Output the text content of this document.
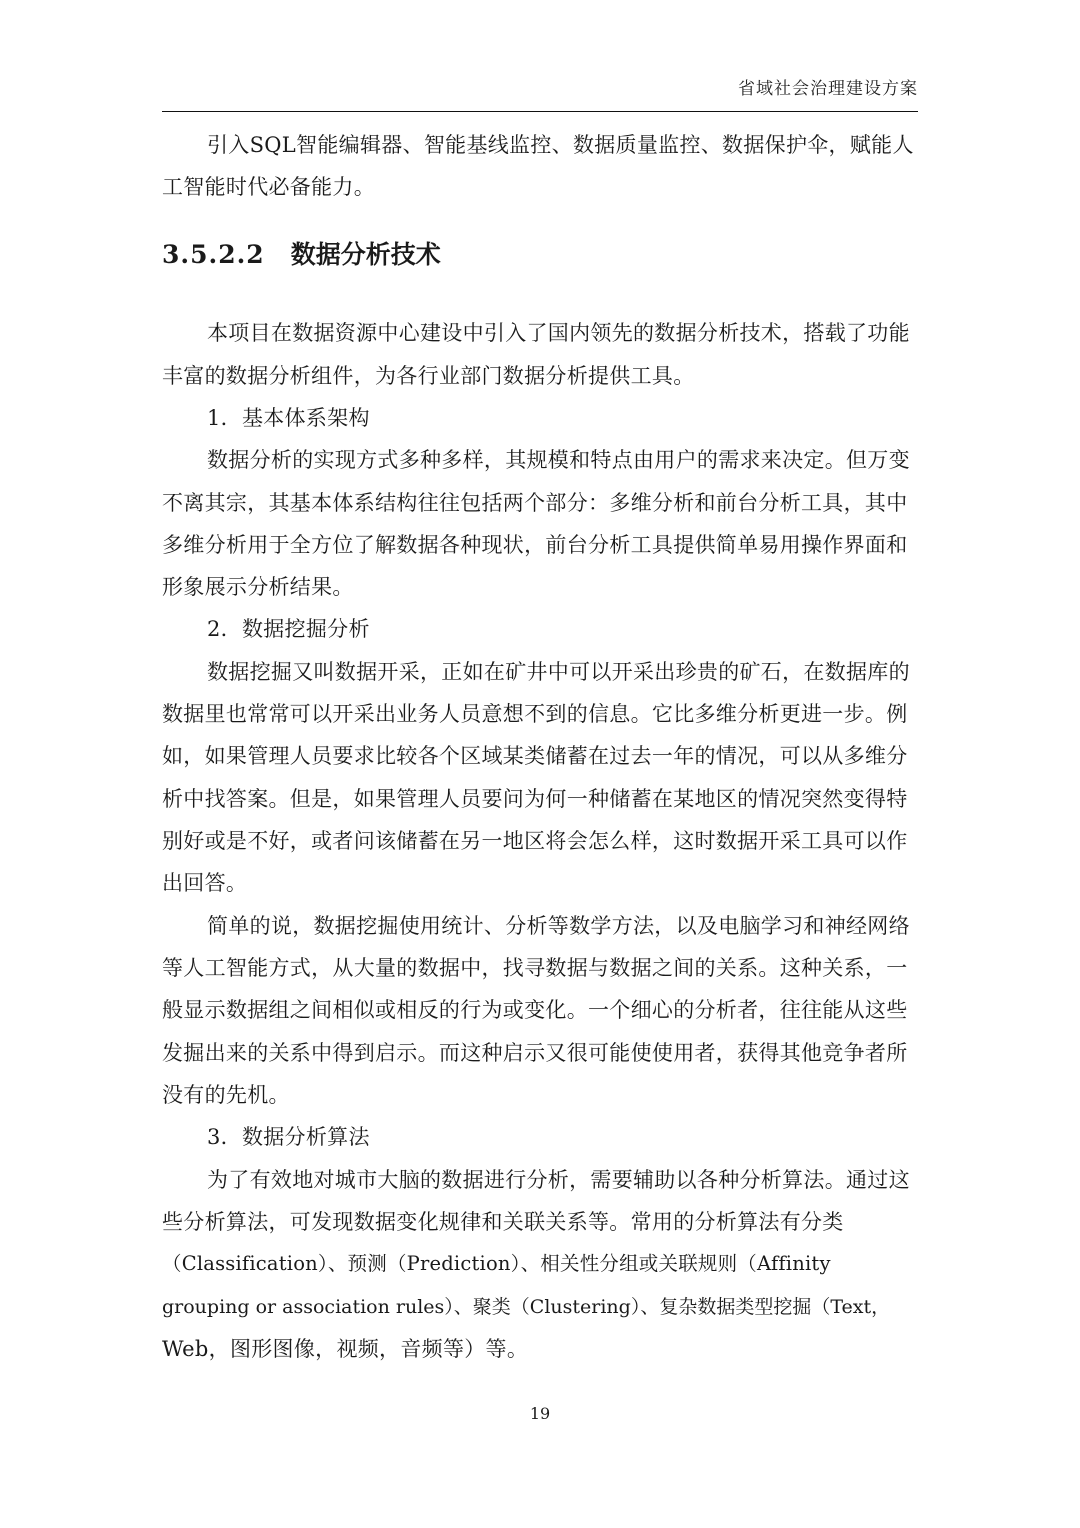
省域社会治理建设方案
引入SQL智能编辑器、智能基线监控、数据质量监控、数据保护伞，赋能人
工智能时代必备能力。
3.5.2.2 数据分析技术
本项目在数据资源中心建设中引入了国内领先的数据分析技术，搭载了功能
丰富的数据分析组件，为各行业部门数据分析提供工具。
1．基本体系架构
数据分析的实现方式多种多样，其规模和特点由用户的需求来决定。但万变
不离其宗，其基本体系结构往往包括两个部分：多维分析和前台分析工具，其中
多维分析用于全方位了解数据各种现状，前台分析工具提供简单易用操作界面和
形象展示分析结果。
2．数据挖掘分析
数据挖掘又叫数据开采，正如在矿井中可以开采出珍贵的矿石，在数据库的
数据里也常常可以开采出业务人员意想不到的信息。它比多维分析更进一步。例
如，如果管理人员要求比较各个区域某类储蓄在过去一年的情况，可以从多维分
析中找答案。但是，如果管理人员要问为何一种储蓄在某地区的情况突然变得特
别好或是不好，或者问该储蓄在另一地区将会怎么样，这时数据开采工具可以作
出回答。
简单的说，数据挖掘使用统计、分析等数学方法，以及电脑学习和神经网络
等人工智能方式，从大量的数据中，找寻数据与数据之间的关系。这种关系，一
般显示数据组之间相似或相反的行为或变化。一个细心的分析者，往往能从这些
发掘出来的关系中得到启示。而这种启示又很可能使使用者，获得其他竞争者所
没有的先机。
3．数据分析算法
为了有效地对城市大脑的数据进行分析，需要辅助以各种分析算法。通过这
些分析算法，可发现数据变化规律和关联关系等。常用的分析算法有分类
（Classification）、预测（Prediction）、相关性分组或关联规则（Affinity
grouping or association rules）、聚类（Clustering）、复杂数据类型挖掘（Text，
Web，图形图像，视频，音频等）等。
19
